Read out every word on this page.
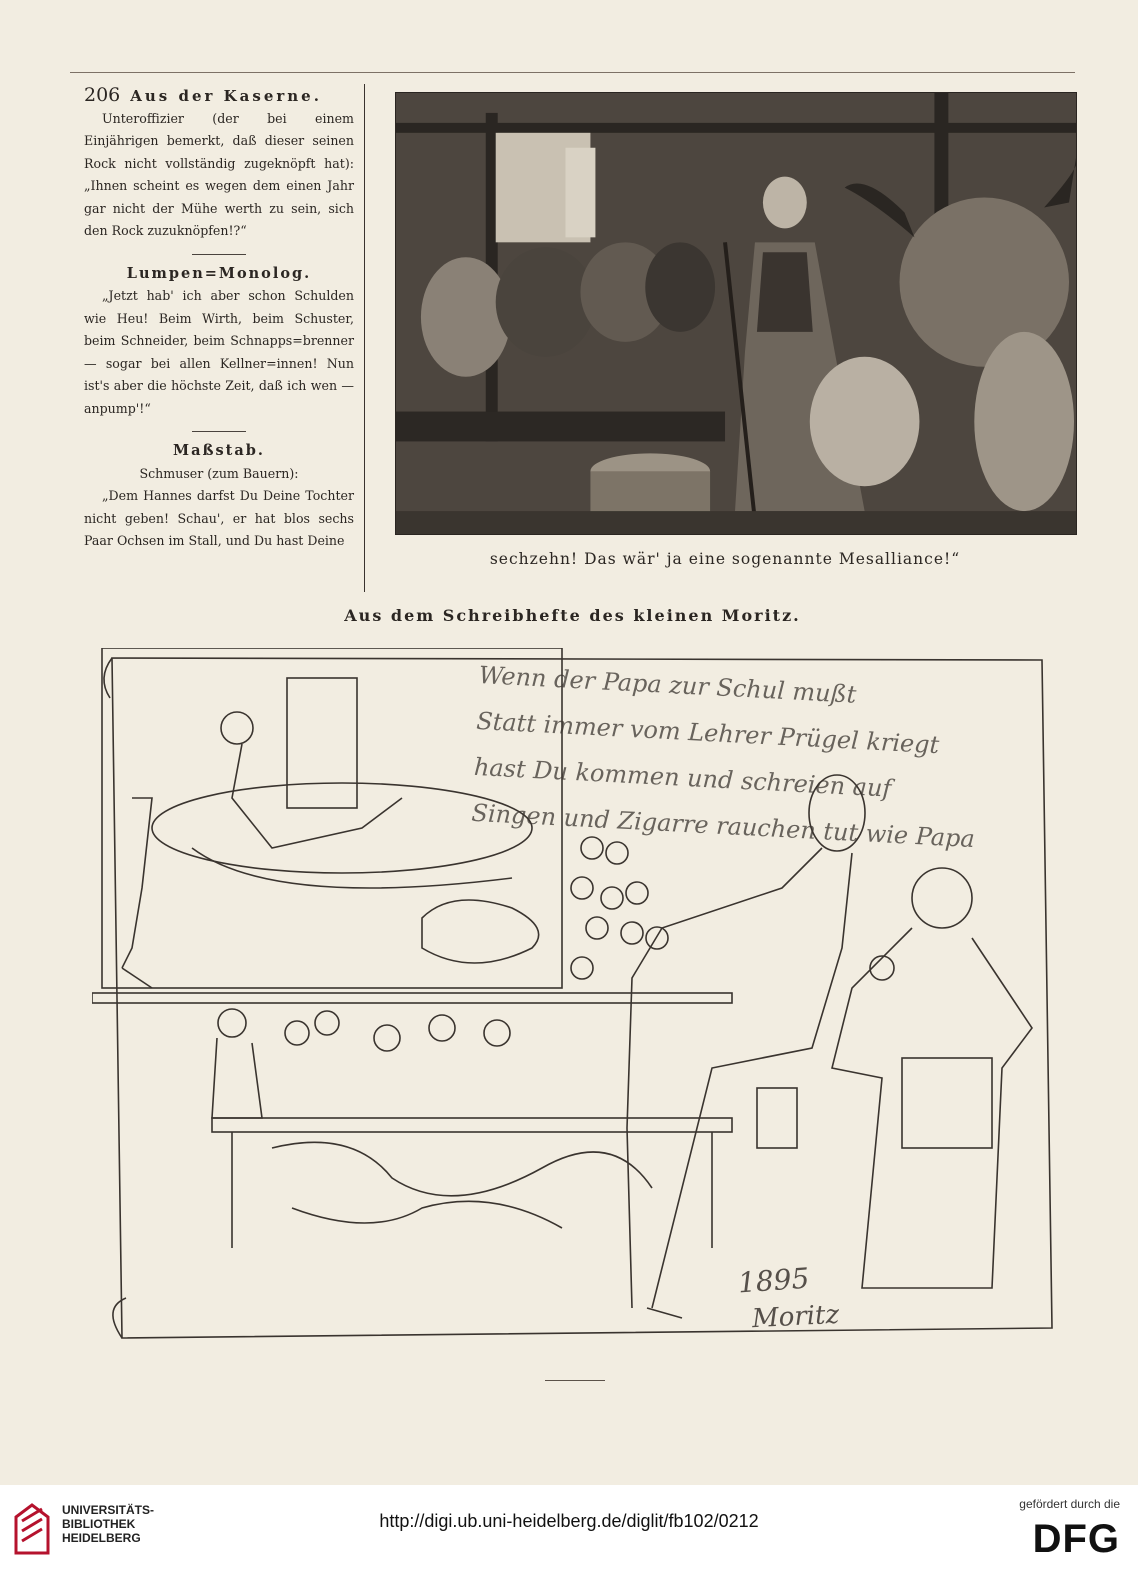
206 Aus der Kaserne.

Unteroffizier (der bei einem Einjährigen bemerkt, daß dieser seinen Rock nicht vollständig zugeknöpft hat): „Ihnen scheint es wegen dem einen Jahr gar nicht der Mühe werth zu sein, sich den Rock zuzuknöpfen!?“

Lumpen=Monolog.

„Jetzt hab' ich aber schon Schulden wie Heu! Beim Wirth, beim Schuster, beim Schneider, beim Schnapps=brenner — sogar bei allen Kellner=innen! Nun ist's aber die höchste Zeit, daß ich wen — anpump'!“

Maßstab.

Schmuser (zum Bauern):

„Dem Hannes darfst Du Deine Tochter nicht geben! Schau', er hat blos sechs Paar Ochsen im Stall, und Du hast Deine

sechzehn! Das wär' ja eine sogenannte Mesalliance!“
Aus dem Schreibhefte des kleinen Moritz.
Wenn der Papa zur Schul mußt
Statt immer vom Lehrer Prügel kriegt
hast Du kommen und schreien auf
Singen und Zigarre rauchen tut wie Papa
1895
Moritz
UNIVERSITÄTS-
BIBLIOTHEK
HEIDELBERG
http://digi.ub.uni-heidelberg.de/diglit/fb102/0212
gefördert durch die
DFG
